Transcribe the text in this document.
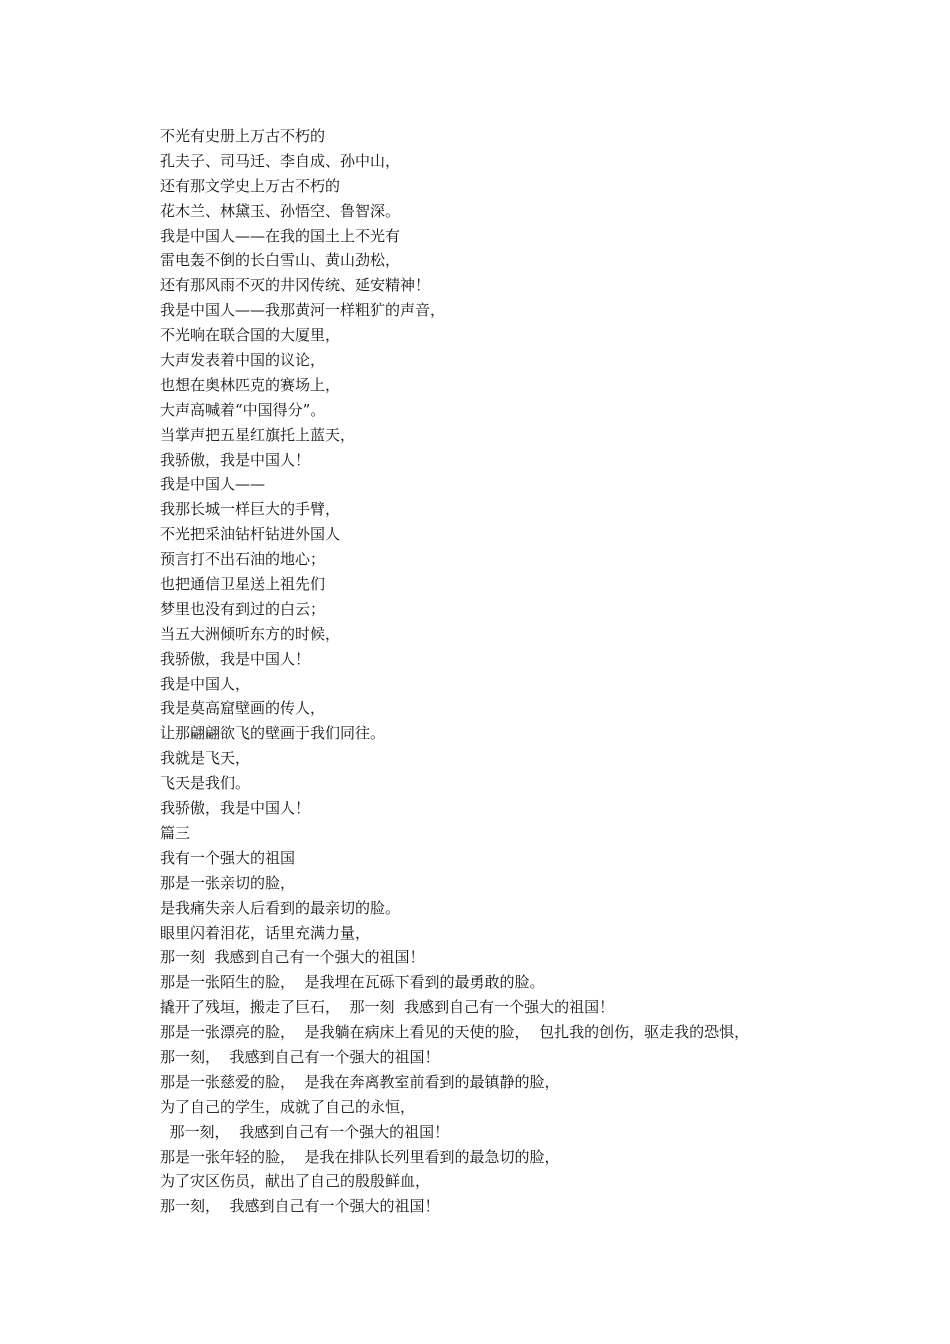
不光有史册上万古不朽的

孔夫子、司马迁、李自成、孙中山，

还有那文学史上万古不朽的

花木兰、林黛玉、孙悟空、鲁智深。

我是中国人——在我的国土上不光有

雷电轰不倒的长白雪山、黄山劲松，

还有那风雨不灭的井冈传统、延安精神！

我是中国人——我那黄河一样粗犷的声音，

不光响在联合国的大厦里，

大声发表着中国的议论，

也想在奥林匹克的赛场上，

大声高喊着“中国得分”。

当掌声把五星红旗托上蓝天，

我骄傲，我是中国人！

我是中国人——

我那长城一样巨大的手臂，

不光把采油钻杆钻进外国人

预言打不出石油的地心；

也把通信卫星送上祖先们

梦里也没有到过的白云；

当五大洲倾听东方的时候，

我骄傲，我是中国人！

我是中国人，

我是莫高窟壁画的传人，

让那翩翩欲飞的壁画于我们同往。

我就是飞天，

飞天是我们。

我骄傲，我是中国人！

篇三

我有一个强大的祖国

那是一张亲切的脸，

是我痛失亲人后看到的最亲切的脸。

眼里闪着泪花，话里充满力量，

那一刻  我感到自己有一个强大的祖国！

那是一张陌生的脸，  是我埋在瓦砾下看到的最勇敢的脸。

撬开了残垣，搬走了巨石，  那一刻  我感到自己有一个强大的祖国！

那是一张漂亮的脸，  是我躺在病床上看见的天使的脸，  包扎我的创伤，驱走我的恐惧，

那一刻，  我感到自己有一个强大的祖国！

那是一张慈爱的脸，  是我在奔离教室前看到的最镇静的脸，

为了自己的学生，成就了自己的永恒，

那一刻，  我感到自己有一个强大的祖国！

那是一张年轻的脸，  是我在排队长列里看到的最急切的脸，

为了灾区伤员，献出了自己的殷殷鲜血，

那一刻，  我感到自己有一个强大的祖国！
